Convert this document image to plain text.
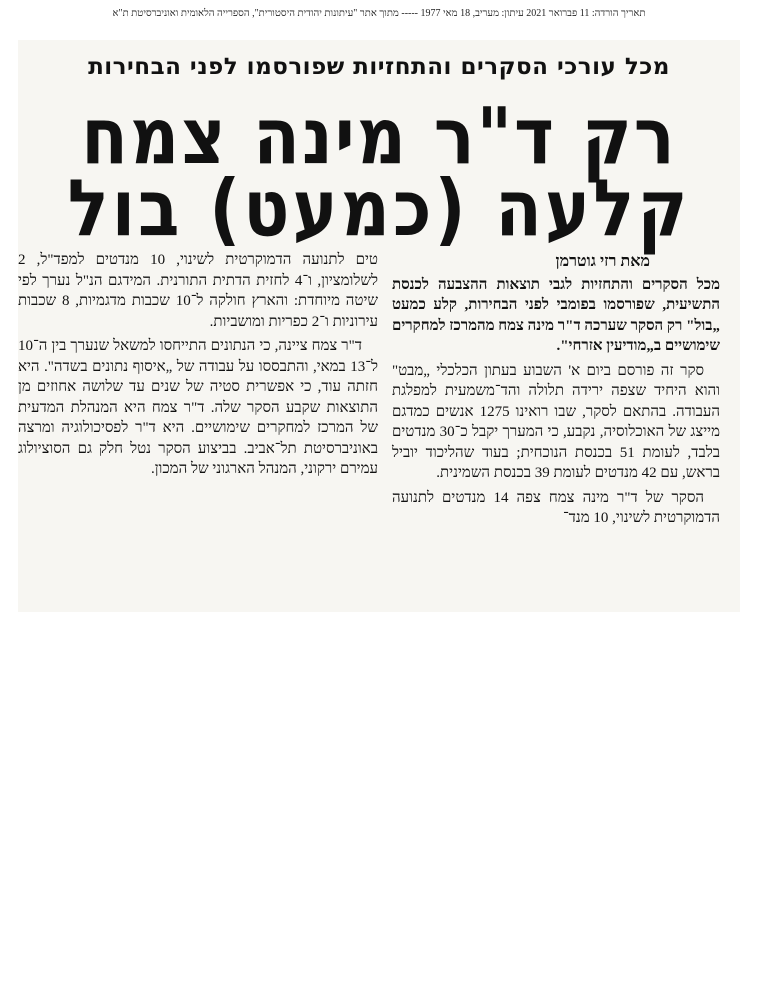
תאריך הורדה: 11 פברואר 2021 עיתון: מעריב, 18 מאי 1977 ----- מתוך אתר "עיתונות יהודית היסטורית", הספרייה הלאומית ואוניברסיטת ת"א
מכל עורכי הסקרים והתחזיות שפורסמו לפני הבחירות
רק ד"ר מינה צמח
קלעה (כמעט) בול
מאת רזי גוטרמן

מכל הסקרים והתחזיות לגבי תוצאות ההצבעה לכנסת התשיעית, שפורסמו בפומבי לפני הבחירות, קלע כמעט „בול" רק הסקר שערכה ד"ר מינה צמח מהמרכז למחקרים שימושיים ב„מודיעין אזרחי".

סקר זה פורסם ביום א' השבוע בעתון הכלכלי „מבט" והוא היחיד שצפה ירידה תלולה והד־משמעית למפלגת העבודה. בהתאם לסקר, שבו רואינו 1275 אנשים כמדגם מייצג של האוכלוסיה, נקבע, כי המערך יקבל כ־30 מנדטים בלבד, לעומת 51 בכנסת הנוכחית; בעוד שהליכוד יוביל בראש, עם 42 מנדטים לעומת 39 בכנסת השמינית.

הסקר של ד"ר מינה צמח צפה 14 מנדטים לתנועה הדמוקרטית לשינוי, 10 מנד־

טים לתנועה הדמוקרטית לשינוי, 10 מנדטים למפד"ל, 2 לשלומציון, ו־4 לחזית הדתית התורנית. המידגם הנ"ל נערך לפי שיטה מיוחדת: והארץ חולקה ל־10 שכבות מדגמיות, 8 שכבות עירוניות ו־2 כפריות ומושביות.

ד"ר צמח ציינה, כי הנתונים התייחסו למשאל שנערך בין ה־10 ל־13 במאי, והתבססו על עבודה של „איסוף נתונים בשדה". היא חזתה עוד, כי אפשרית סטיה של שנים עד שלושה אחוזים מן התוצאות שקבע הסקר שלה. ד"ר צמח היא המנהלת המדעית של המרכז למחקרים שימושיים. היא ד"ר לפסיכולוגיה ומרצה באוניברסיטת תל־אביב. בביצוע הסקר נטל חלק גם הסוציולוג עמירם ירקוני, המנהל הארגוני של המכון.
